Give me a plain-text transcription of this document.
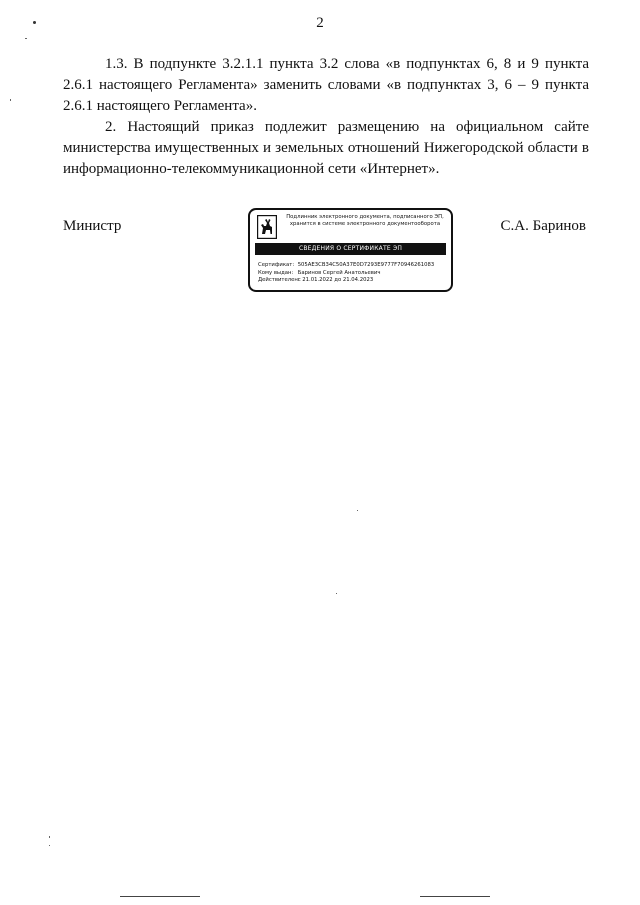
2

1.3. В подпункте 3.2.1.1 пункта 3.2 слова «в подпунктах 6, 8 и 9 пункта 2.6.1 настоящего Регламента» заменить словами «в подпунктах 3, 6 – 9 пункта 2.6.1 настоящего Регламента».

2. Настоящий приказ подлежит размещению на официальном сайте министерства имущественных и земельных отношений Нижегородской области в информационно-телекоммуникационной сети «Интернет».

Министр	С.А. Баринов
Подлинник электронного документа, подписанного ЭП,
хранится в системе электронного документооборота
СВЕДЕНИЯ О СЕРТИФИКАТЕ ЭП
Сертификат: 505AE3CB34C50A37E0D7293E9777F70946261083
Кому выдан: Баринов Сергей Анатольевич
Действителен: с 21.01.2022 до 21.04.2023
